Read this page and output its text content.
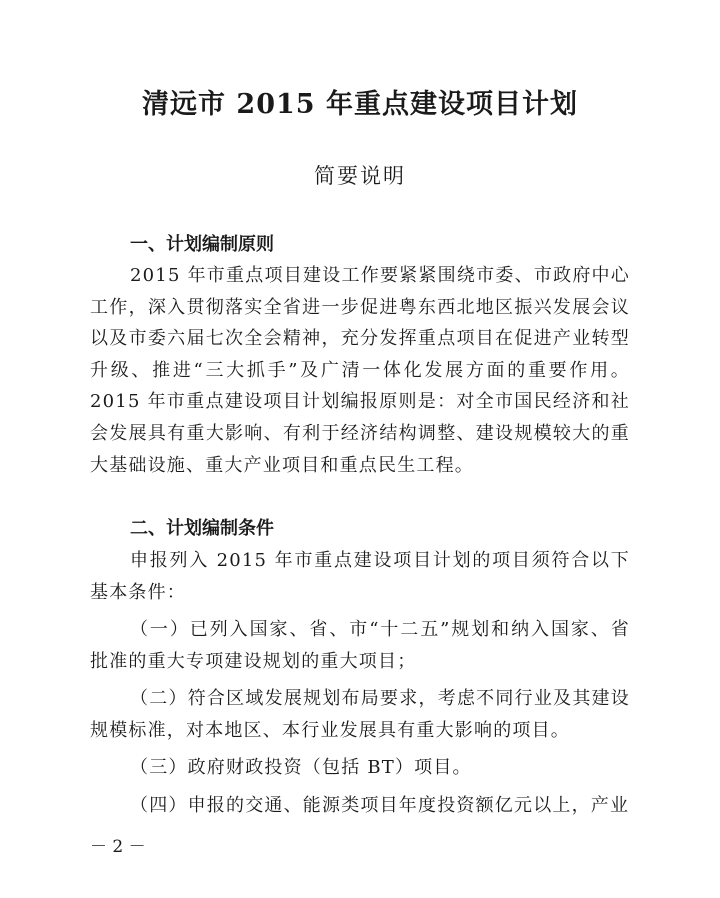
清远市 2015 年重点建设项目计划
简要说明
一、计划编制原则
2015 年市重点项目建设工作要紧紧围绕市委、市政府中心工作，深入贯彻落实全省进一步促进粤东西北地区振兴发展会议以及市委六届七次全会精神，充分发挥重点项目在促进产业转型升级、推进“三大抓手”及广清一体化发展方面的重要作用。2015 年市重点建设项目计划编报原则是：对全市国民经济和社会发展具有重大影响、有利于经济结构调整、建设规模较大的重大基础设施、重大产业项目和重点民生工程。
二、计划编制条件
申报列入 2015 年市重点建设项目计划的项目须符合以下基本条件：
（一）已列入国家、省、市“十二五”规划和纳入国家、省批准的重大专项建设规划的重大项目；
（二）符合区域发展规划布局要求，考虑不同行业及其建设规模标准，对本地区、本行业发展具有重大影响的项目。
（三）政府财政投资（包括 BT）项目。
（四）申报的交通、能源类项目年度投资额亿元以上，产业
－ 2 －
